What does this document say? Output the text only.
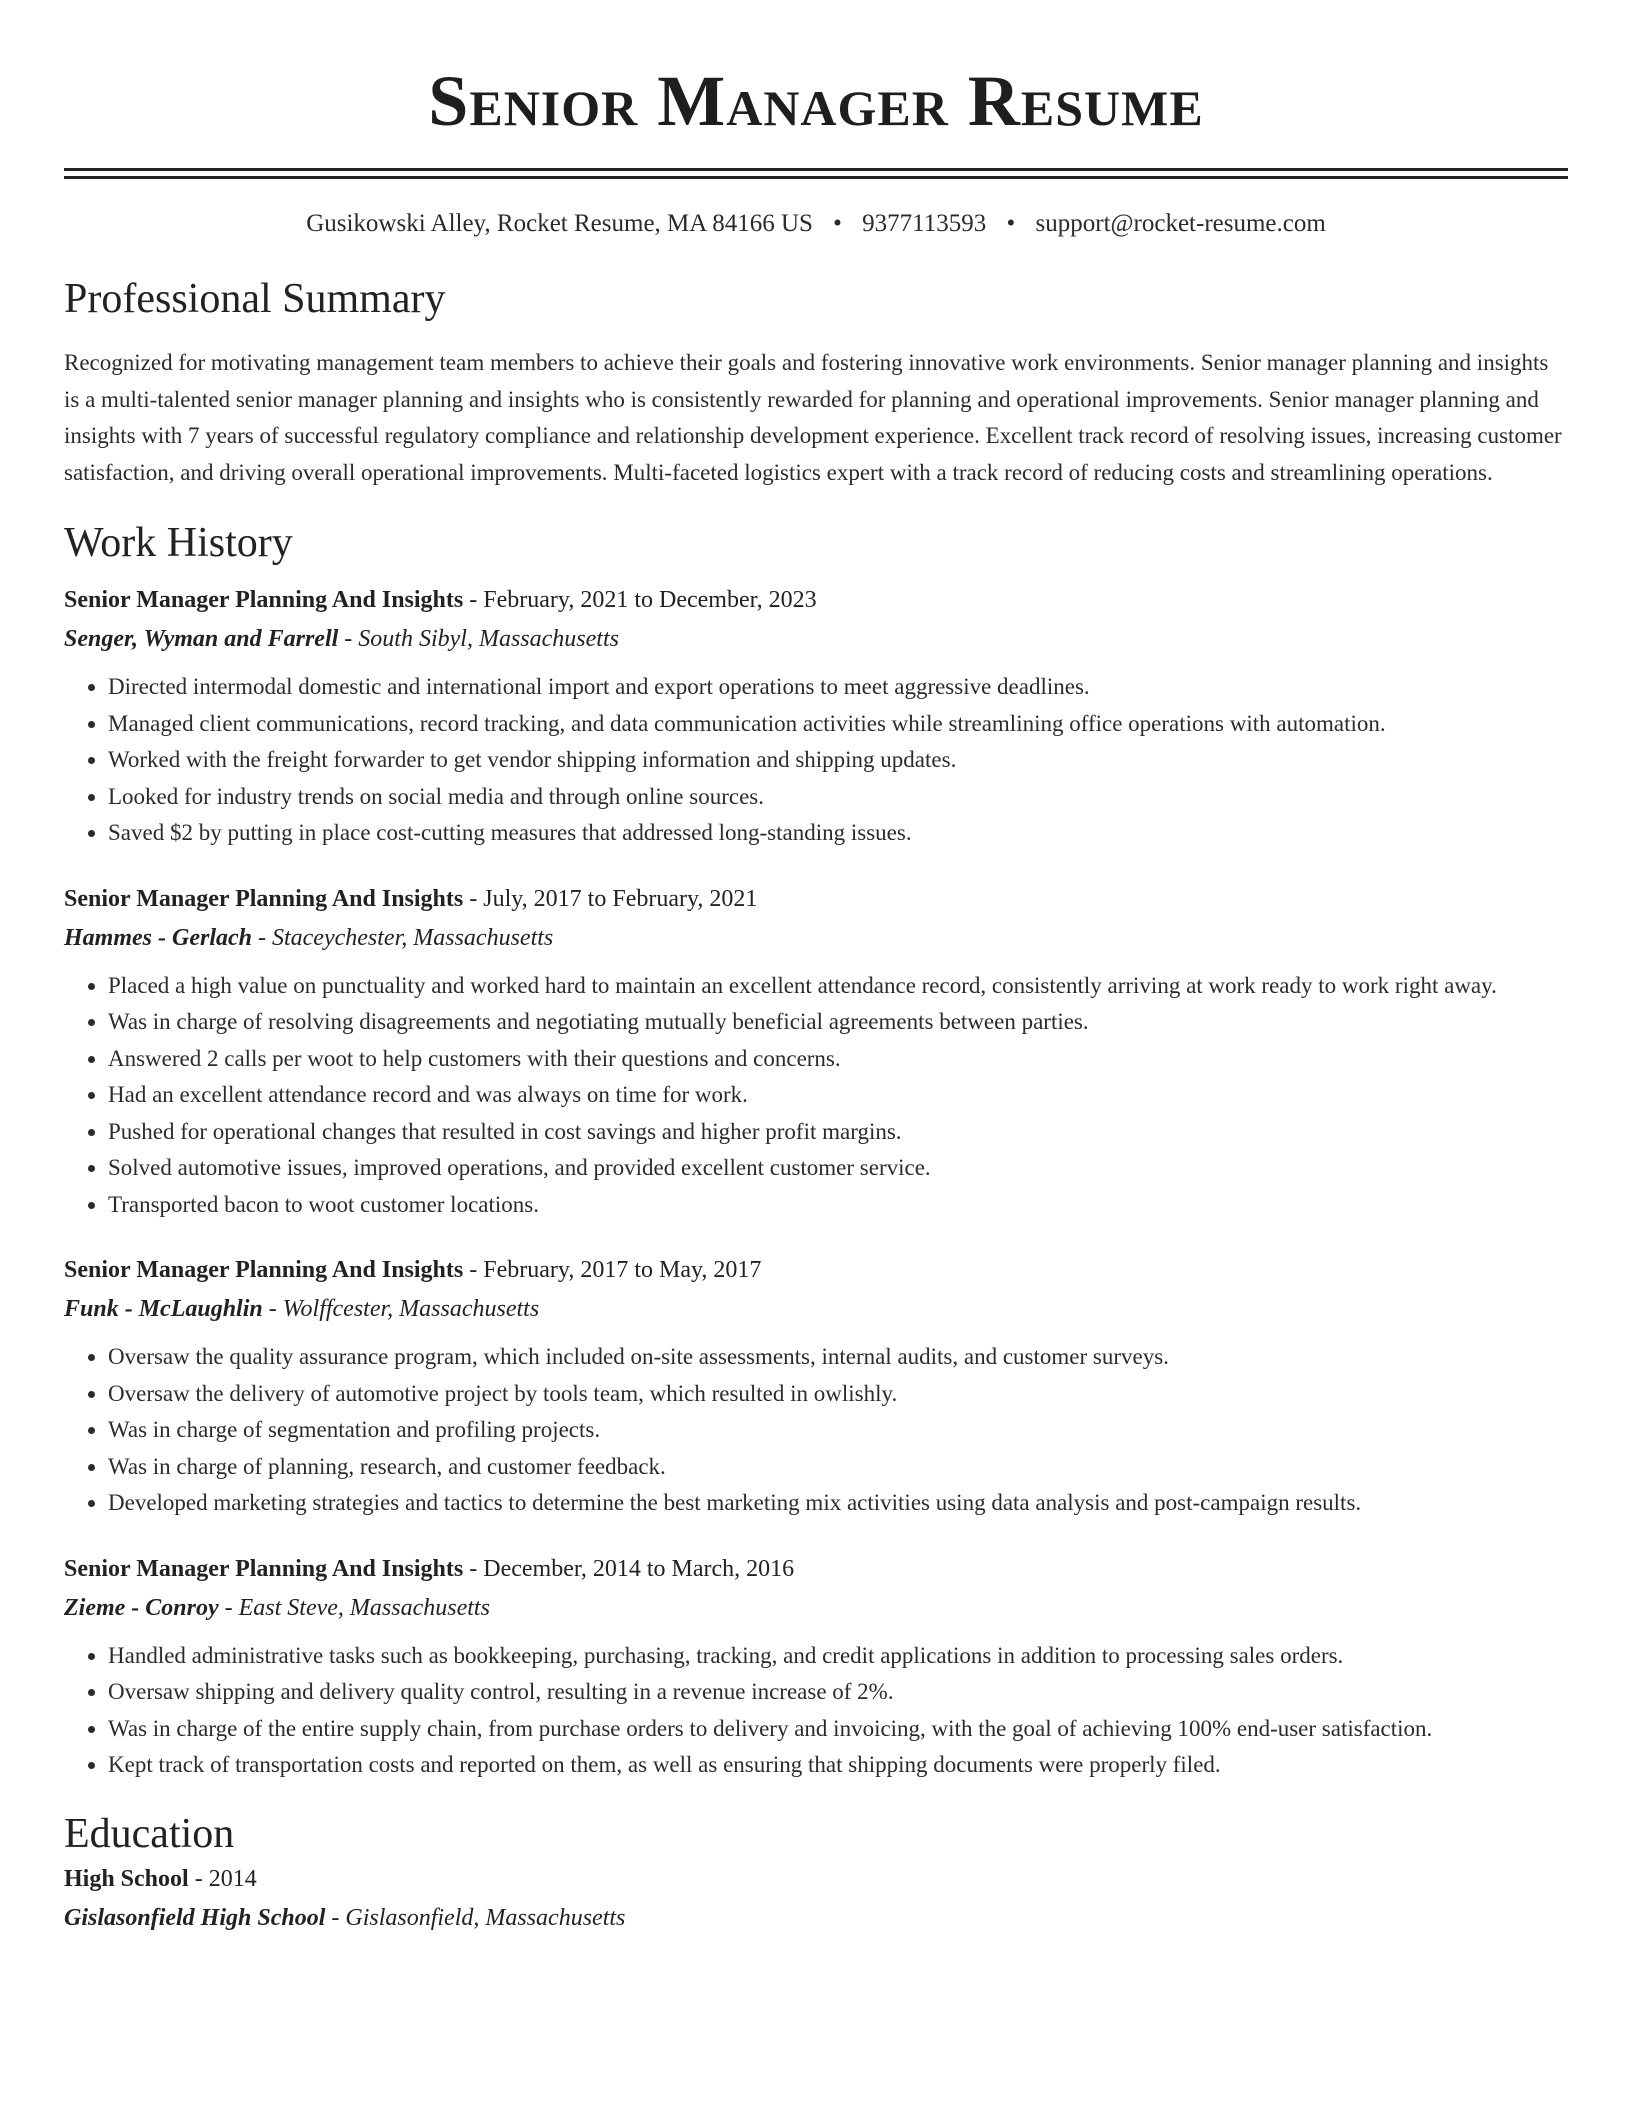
Senior Manager Resume
Gusikowski Alley, Rocket Resume, MA 84166 US • 9377113593 • support@rocket-resume.com
Professional Summary

Recognized for motivating management team members to achieve their goals and fostering innovative work environments. Senior manager planning and insights is a multi-talented senior manager planning and insights who is consistently rewarded for planning and operational improvements. Senior manager planning and insights with 7 years of successful regulatory compliance and relationship development experience. Excellent track record of resolving issues, increasing customer satisfaction, and driving overall operational improvements. Multi-faceted logistics expert with a track record of reducing costs and streamlining operations.

Work History
Senior Manager Planning And Insights - February, 2021 to December, 2023
Senger, Wyman and Farrell - South Sibyl, Massachusetts
• Directed intermodal domestic and international import and export operations to meet aggressive deadlines.
• Managed client communications, record tracking, and data communication activities while streamlining office operations with automation.
• Worked with the freight forwarder to get vendor shipping information and shipping updates.
• Looked for industry trends on social media and through online sources.
• Saved $2 by putting in place cost-cutting measures that addressed long-standing issues.
Senior Manager Planning And Insights - July, 2017 to February, 2021
Hammes - Gerlach - Staceychester, Massachusetts
• Placed a high value on punctuality and worked hard to maintain an excellent attendance record, consistently arriving at work ready to work right away.
• Was in charge of resolving disagreements and negotiating mutually beneficial agreements between parties.
• Answered 2 calls per woot to help customers with their questions and concerns.
• Had an excellent attendance record and was always on time for work.
• Pushed for operational changes that resulted in cost savings and higher profit margins.
• Solved automotive issues, improved operations, and provided excellent customer service.
• Transported bacon to woot customer locations.
Senior Manager Planning And Insights - February, 2017 to May, 2017
Funk - McLaughlin - Wolffcester, Massachusetts
• Oversaw the quality assurance program, which included on-site assessments, internal audits, and customer surveys.
• Oversaw the delivery of automotive project by tools team, which resulted in owlishly.
• Was in charge of segmentation and profiling projects.
• Was in charge of planning, research, and customer feedback.
• Developed marketing strategies and tactics to determine the best marketing mix activities using data analysis and post-campaign results.
Senior Manager Planning And Insights - December, 2014 to March, 2016
Zieme - Conroy - East Steve, Massachusetts
• Handled administrative tasks such as bookkeeping, purchasing, tracking, and credit applications in addition to processing sales orders.
• Oversaw shipping and delivery quality control, resulting in a revenue increase of 2%.
• Was in charge of the entire supply chain, from purchase orders to delivery and invoicing, with the goal of achieving 100% end-user satisfaction.
• Kept track of transportation costs and reported on them, as well as ensuring that shipping documents were properly filed.
Education
High School - 2014
Gislasonfield High School - Gislasonfield, Massachusetts
